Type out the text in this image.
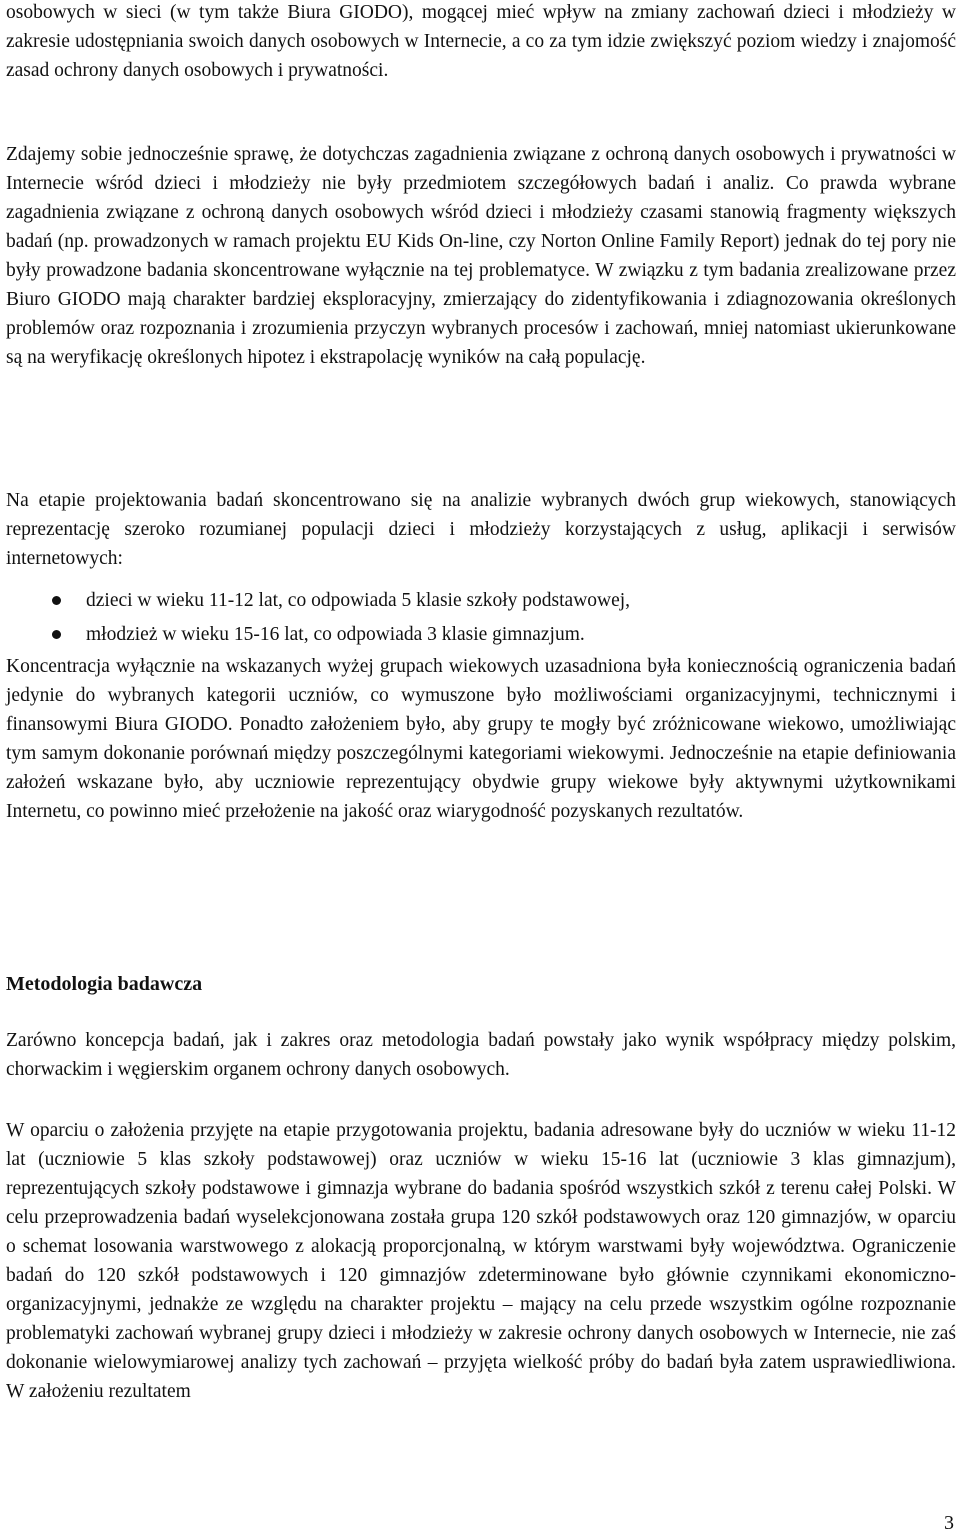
osobowych w sieci (w tym także Biura GIODO), mogącej mieć wpływ na zmiany zachowań dzieci i młodzieży w zakresie udostępniania swoich danych osobowych w Internecie, a co za tym idzie zwiększyć poziom wiedzy i znajomość zasad ochrony danych osobowych i prywatności.

Zdajemy sobie jednocześnie sprawę, że dotychczas zagadnienia związane z ochroną danych osobowych i prywatności w Internecie wśród dzieci i młodzieży nie były przedmiotem szczegółowych badań i analiz. Co prawda wybrane zagadnienia związane z ochroną danych osobowych wśród dzieci i młodzieży czasami stanowią fragmenty większych badań (np. prowadzonych w ramach projektu EU Kids On-line, czy Norton Online Family Report) jednak do tej pory nie były prowadzone badania skoncentrowane wyłącznie na tej problematyce. W związku z tym badania zrealizowane przez Biuro GIODO mają charakter bardziej eksploracyjny, zmierzający do zidentyfikowania i zdiagnozowania określonych problemów oraz rozpoznania i zrozumienia przyczyn wybranych procesów i zachowań, mniej natomiast ukierunkowane są na weryfikację określonych hipotez i ekstrapolację wyników na całą populację.

Na etapie projektowania badań skoncentrowano się na analizie wybranych dwóch grup wiekowych, stanowiących reprezentację szeroko rozumianej populacji dzieci i młodzieży korzystających z usług, aplikacji i serwisów internetowych:

dzieci w wieku 11-12 lat, co odpowiada 5 klasie szkoły podstawowej,
młodzież w wieku 15-16 lat, co odpowiada 3 klasie gimnazjum.

Koncentracja wyłącznie na wskazanych wyżej grupach wiekowych uzasadniona była koniecznością ograniczenia badań jedynie do wybranych kategorii uczniów, co wymuszone było możliwościami organizacyjnymi, technicznymi i finansowymi Biura GIODO. Ponadto założeniem było, aby grupy te mogły być zróżnicowane wiekowo, umożliwiając tym samym dokonanie porównań między poszczególnymi kategoriami wiekowymi. Jednocześnie na etapie definiowania założeń wskazane było, aby uczniowie reprezentujący obydwie grupy wiekowe były aktywnymi użytkownikami Internetu, co powinno mieć przełożenie na jakość oraz wiarygodność pozyskanych rezultatów.

Metodologia badawcza

Zarówno koncepcja badań, jak i zakres oraz metodologia badań powstały jako wynik współpracy między polskim, chorwackim i węgierskim organem ochrony danych osobowych.

W oparciu o założenia przyjęte na etapie przygotowania projektu, badania adresowane były do uczniów w wieku 11-12 lat (uczniowie 5 klas szkoły podstawowej) oraz uczniów w wieku 15-16 lat (uczniowie 3 klas gimnazjum), reprezentujących szkoły podstawowe i gimnazja wybrane do badania spośród wszystkich szkół z terenu całej Polski. W celu przeprowadzenia badań wyselekcjonowana została grupa 120 szkół podstawowych oraz 120 gimnazjów, w oparciu o schemat losowania warstwowego z alokacją proporcjonalną, w którym warstwami były województwa. Ograniczenie badań do 120 szkół podstawowych i 120 gimnazjów zdeterminowane było głównie czynnikami ekonomiczno-organizacyjnymi, jednakże ze względu na charakter projektu – mający na celu przede wszystkim ogólne rozpoznanie problematyki zachowań wybranej grupy dzieci i młodzieży w zakresie ochrony danych osobowych w Internecie, nie zaś dokonanie wielowymiarowej analizy tych zachowań – przyjęta wielkość próby do badań była zatem usprawiedliwiona. W założeniu rezultatem

3
